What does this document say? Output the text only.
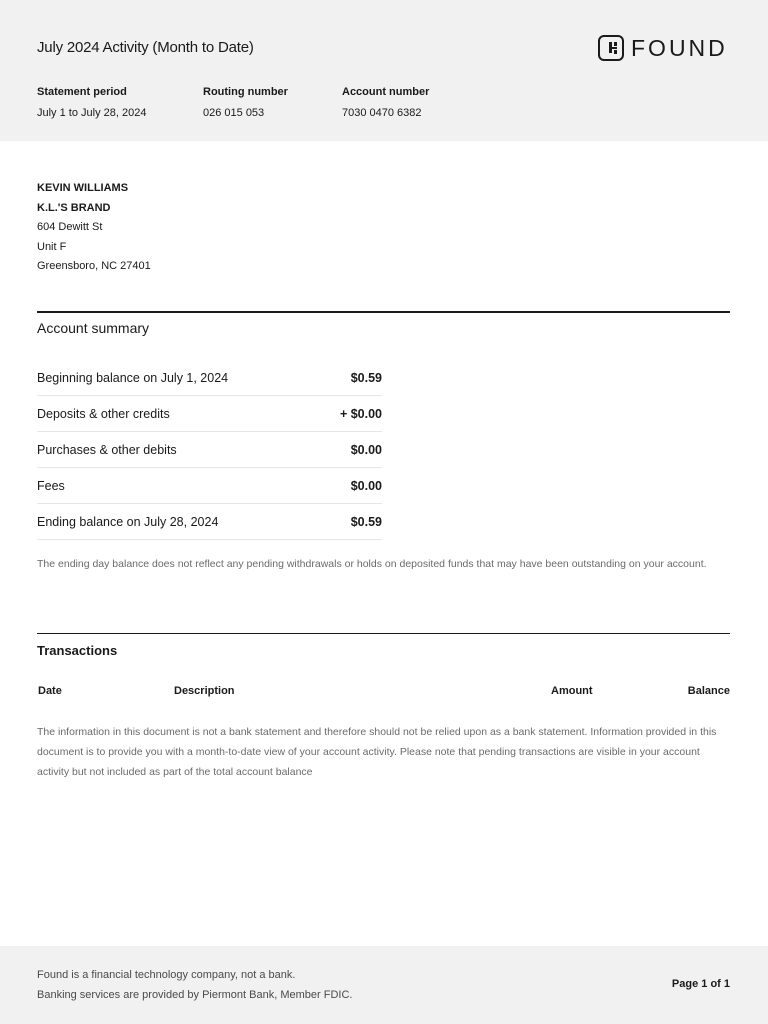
July 2024 Activity (Month to Date)	FOUND
Statement period
July 1 to July 28, 2024
Routing number
026 015 053
Account number
7030 0470 6382
KEVIN WILLIAMS
K.L.'S BRAND
604 Dewitt St
Unit F
Greensboro, NC 27401
Account summary
Beginning balance on July 1, 2024	$0.59
Deposits & other credits	+ $0.00
Purchases & other debits	$0.00
Fees	$0.00
Ending balance on July 28, 2024	$0.59
The ending day balance does not reflect any pending withdrawals or holds on deposited funds that may have been outstanding on your account.
Transactions
Date	Description	Amount	Balance
The information in this document is not a bank statement and therefore should not be relied upon as a bank statement. Information provided in this document is to provide you with a month-to-date view of your account activity. Please note that pending transactions are visible in your account activity but not included as part of the total account balance
Found is a financial technology company, not a bank.
Banking services are provided by Piermont Bank, Member FDIC.
Page 1 of 1
